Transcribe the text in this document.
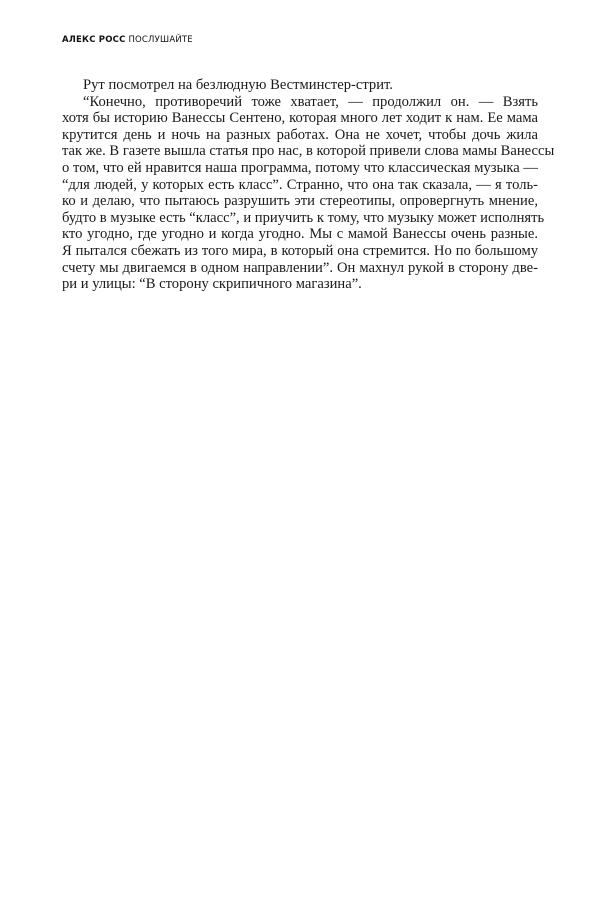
АЛЕКС РОСС ПОСЛУШАЙТЕ
Рут посмотрел на безлюдную Вестминстер-стрит.
“Конечно, противоречий тоже хватает, — продолжил он. — Взять
хотя бы историю Ванессы Сентено, которая много лет ходит к нам. Ее мама
крутится день и ночь на разных работах. Она не хочет, чтобы дочь жила
так же. В газете вышла статья про нас, в которой привели слова мамы Ванессы
о том, что ей нравится наша программа, потому что классическая музыка —
“для людей, у которых есть класс”. Странно, что она так сказала, — я толь-
ко и делаю, что пытаюсь разрушить эти стереотипы, опровергнуть мнение,
будто в музыке есть “класс”, и приучить к тому, что музыку может исполнять
кто угодно, где угодно и когда угодно. Мы с мамой Ванессы очень разные.
Я пытался сбежать из того мира, в который она стремится. Но по большому
счету мы двигаемся в одном направлении”. Он махнул рукой в сторону две-
ри и улицы: “В сторону скрипичного магазина”.
